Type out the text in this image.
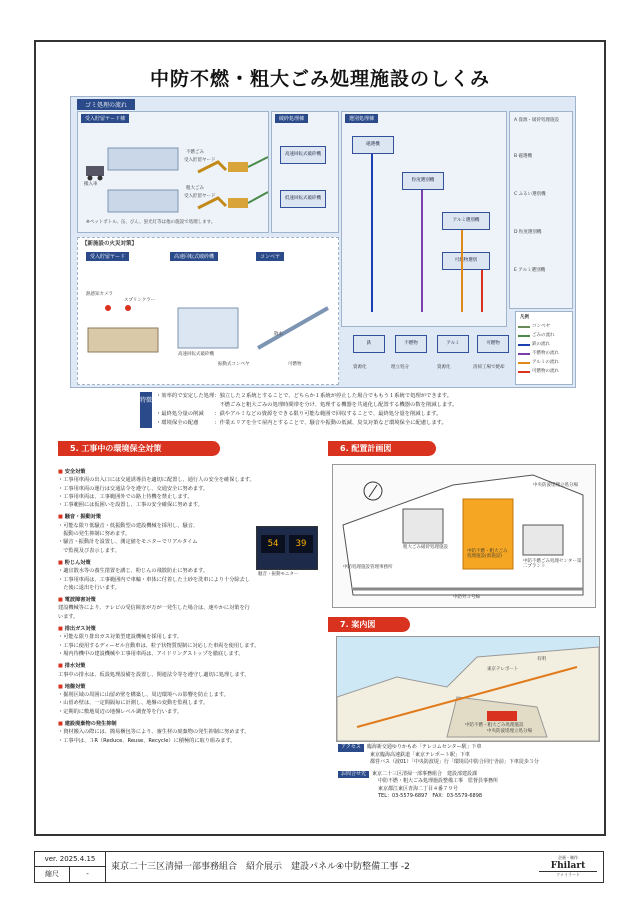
中防不燃・粗大ごみ処理施設のしくみ
ゴミ処理の流れ
受入貯留ヤード棟
不燃ごみ
受入貯留ヤード
粗大ごみ
受入貯留ヤード
搬入車
※ペットボトル、缶、びん、蛍光灯等は他の施設で処理します。
破砕処理棟
高速回転式破砕機
低速回転式破砕機
選別処理棟
磁選機
アルミ選別機
粒度選別機
可燃物選別
鉄	不燃物	アルミ	可燃物
資源化	埋立処分	資源化	清掃工場で焼却
A 資源・破砕処理施設
B 磁選機
C ふるい選別機
D 粒度選別機
E アルミ選別機
凡例
コンベヤ
ごみの流れ
鉄の流れ
不燃物の流れ
アルミの流れ
可燃物の流れ
【新施設の火災対策】
受入貯留ヤード	高速回転式破砕機	コンベヤ
熱感知カメラ
スプリンクラー
高速回転式破砕機
振動式コンベヤ
散水
可燃物
特徴
・効率的で安定した処理：独立した２系統とすることで、どちらか１系統が停止した場合でももう１系統で処理ができます。
　　　　　　　　　　　　不燃ごみと粗大ごみの処理時間帯を分け、処理する機器を共通化し配置する機器の数を削減します。
・最終処分量の削減　　：鉄やアルミなどの資源をできる限り可能な範囲で回収することで、最終処分量を削減します。
・環境保全の配慮　　　：作業エリアを全て屋内とすることで、騒音や振動の低減、臭気対策など環境保全に配慮します。
5. 工事中の環境保全対策	6. 配置計画図
7. 案内図
■ 安全対策
・工事用車両の出入口には交通誘導員を適切に配置し、通行人の安全を確保します。
・工事用車両の運行は交通法令を遵守し、交通安全に努めます。
・工事用車両は、工事範囲外での路上待機を禁止します。
・工事範囲には仮囲いを設置し、工事の安全確保に努めます。
■ 騒音・振動対策
・可能な限り低騒音・低振動型の建設機械を採用し、騒音、
　振動の発生抑制に努めます。
・騒音・振動計を設置し、測定値をモニターでリアルタイム
　で監視及び表示します。
■ 粉じん対策
・適宜散水等の養生措置を講じ、粉じんの飛散防止に努めます。
・工事用車両は、工事範囲内で車輪・車体に付着した土砂を洗車により十分除去し
　た後に退出を行います。
■ 電波障害対策
建設機械等により、テレビの受信障害が万が一発生した場合は、速やかに対策を行
います。
■ 排出ガス対策
・可能な限り排出ガス対策型建設機械を採用します。
・工事に使用するディーゼル自動車は、粒子状物質規制に対応した車両を使用します。
・場内待機中の建設機械や工事用車両は、アイドリングストップを徹底します。
■ 排水対策
工事中の排水は、仮設処理設備を設置し、関連法令等を遵守し適切に処理します。
■ 地盤対策
・掘削区域の周囲に山留め壁を構築し、周辺環境への影響を防止します。
・山留め壁は、一定間隔毎に計測し、地盤の変動を監視します。
・定期的に敷地周辺の地盤レベル調査等を行います。
■ 建設廃棄物の発生抑制
・資材搬入の際には、簡易梱包等により、審生材の廃棄物の発生抑制に努めます。
・工事中は、３R（Reduce、Reuse、Recycle）に積極的に取り組みます。
54	39
騒音・振動モニター
中防処理施設管理事務所
粗大ごみ破砕処理施設
中防不燃・粗大ごみ処理施設(新施設)
中防不燃ごみ処理センター第二プラント
中央防波堤埋立処分場
中防外３号線
中防不燃・粗大ごみ処理施設
中央防波堤埋立処分場
有明
東京テレポート
アクセス 臨海新交通ゆりかもめ「テレコムセンター駅」下車
東京臨海高速鉄道「東京テレポート駅」下車
都営バス（波01）「中央防波堤」行「環境局中防合同庁舎前」下車徒歩３分
お問合せ先 東京二十三区清掃一部事務組合　建設部建設課
中防不燃・粗大ごみ処理施設整備工事　監督員事務所
東京都江東区青海二丁目４番７９号
TEL：03-5579-6897　FAX：03-5579-6898
ver. 2025.4.15
縮尺	-
東京二十三区清掃一部事務組合　紹介展示　建設パネル④中防整備工事 -2
企画・制作
Fhilart
ファイラート
